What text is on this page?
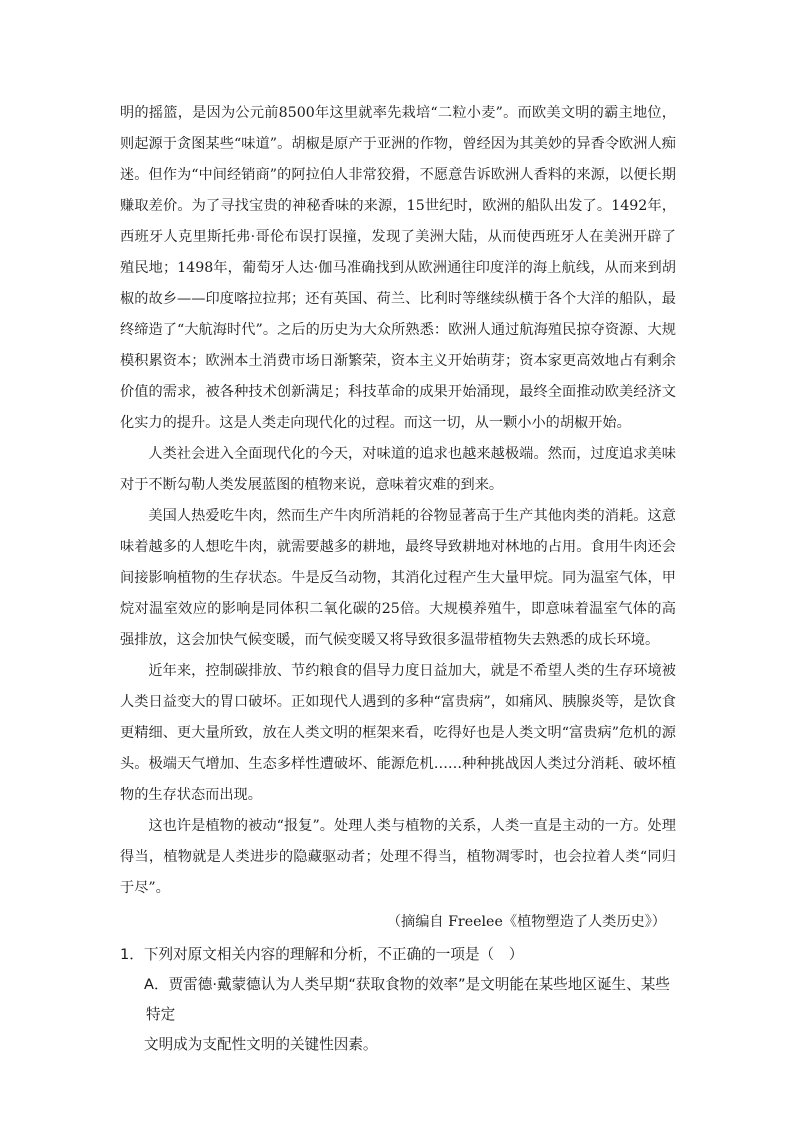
明的摇篮，是因为公元前8500年这里就率先栽培“二粒小麦”。而欧美文明的霸主地位，则起源于贪图某些“味道”。胡椒是原产于亚洲的作物，曾经因为其美妙的异香令欧洲人痴迷。但作为“中间经销商”的阿拉伯人非常狡猾，不愿意告诉欧洲人香料的来源，以便长期赚取差价。为了寻找宝贵的神秘香味的来源，15世纪时，欧洲的船队出发了。1492年，西班牙人克里斯托弗·哥伦布误打误撞，发现了美洲大陆，从而使西班牙人在美洲开辟了殖民地；1498年，葡萄牙人达·伽马准确找到从欧洲通往印度洋的海上航线，从而来到胡椒的故乡——印度喀拉拉邦；还有英国、荷兰、比利时等继续纵横于各个大洋的船队，最终缔造了“大航海时代”。之后的历史为大众所熟悉：欧洲人通过航海殖民掠夺资源、大规模积累资本；欧洲本土消费市场日渐繁荣，资本主义开始萌芽；资本家更高效地占有剩余价值的需求，被各种技术创新满足；科技革命的成果开始涌现，最终全面推动欧美经济文化实力的提升。这是人类走向现代化的过程。而这一切，从一颗小小的胡椒开始。

人类社会进入全面现代化的今天，对味道的追求也越来越极端。然而，过度追求美味对于不断勾勒人类发展蓝图的植物来说，意味着灾难的到来。

美国人热爱吃牛肉，然而生产牛肉所消耗的谷物显著高于生产其他肉类的消耗。这意味着越多的人想吃牛肉，就需要越多的耕地，最终导致耕地对林地的占用。食用牛肉还会间接影响植物的生存状态。牛是反刍动物，其消化过程产生大量甲烷。同为温室气体，甲烷对温室效应的影响是同体积二氧化碳的25倍。大规模养殖牛，即意味着温室气体的高强排放，这会加快气候变暖，而气候变暖又将导致很多温带植物失去熟悉的成长环境。

近年来，控制碳排放、节约粮食的倡导力度日益加大，就是不希望人类的生存环境被人类日益变大的胃口破坏。正如现代人遇到的多种“富贵病”，如痛风、胰腺炎等，是饮食更精细、更大量所致，放在人类文明的框架来看，吃得好也是人类文明“富贵病”危机的源头。极端天气增加、生态多样性遭破坏、能源危机……种种挑战因人类过分消耗、破坏植物的生存状态而出现。

这也许是植物的被动“报复”。处理人类与植物的关系，人类一直是主动的一方。处理得当，植物就是人类进步的隐藏驱动者；处理不得当，植物凋零时，也会拉着人类“同归于尽”。

（摘编自 Freelee《植物塑造了人类历史》）

1．下列对原文相关内容的理解和分析，不正确的一项是（　）

A．贾雷德·戴蒙德认为人类早期“获取食物的效率”是文明能在某些地区诞生、某些特定

文明成为支配性文明的关键性因素。
